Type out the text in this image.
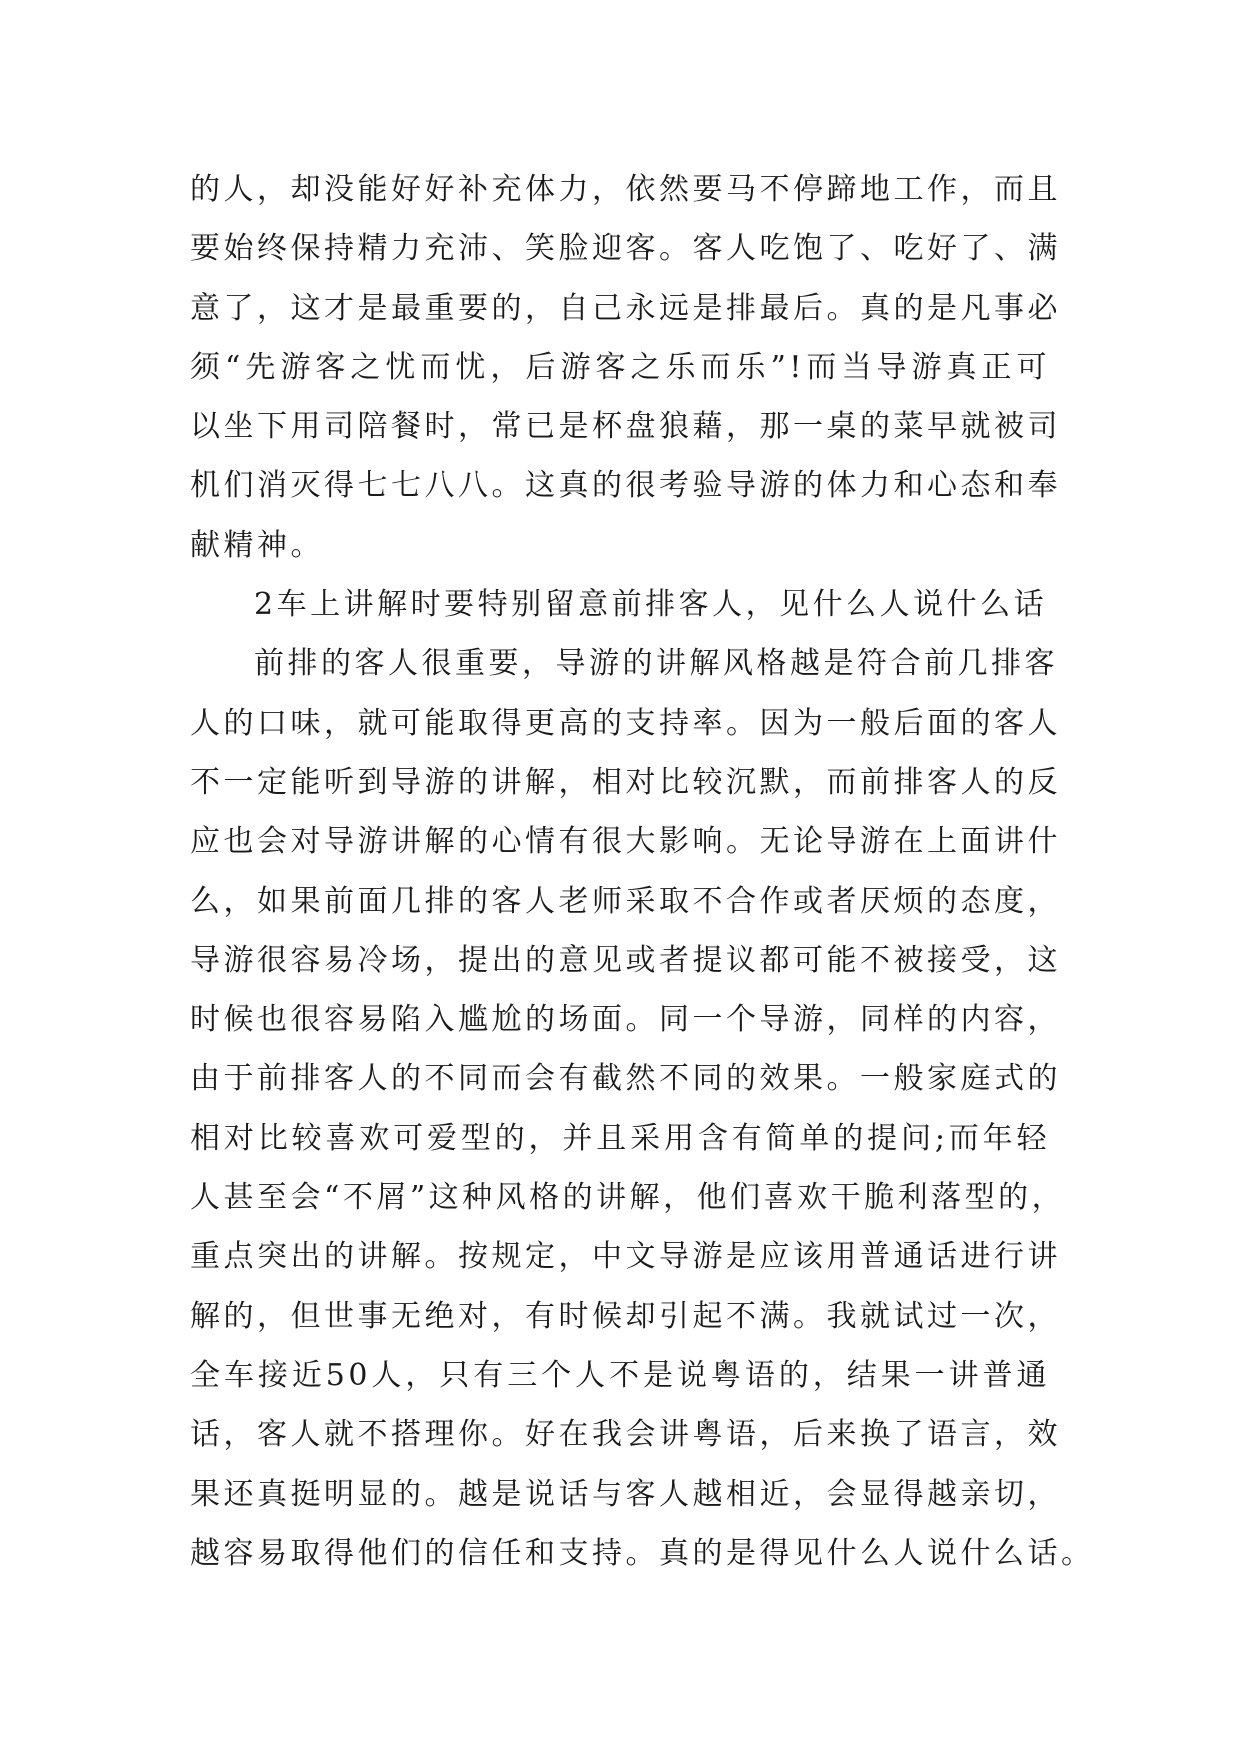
的人，却没能好好补充体力，依然要马不停蹄地工作，而且
要始终保持精力充沛、笑脸迎客。客人吃饱了、吃好了、满
意了，这才是最重要的，自己永远是排最后。真的是凡事必
须“先游客之忧而忧，后游客之乐而乐”!而当导游真正可
以坐下用司陪餐时，常已是杯盘狼藉，那一桌的菜早就被司
机们消灭得七七八八。这真的很考验导游的体力和心态和奉
献精神。
2车上讲解时要特别留意前排客人，见什么人说什么话
前排的客人很重要，导游的讲解风格越是符合前几排客
人的口味，就可能取得更高的支持率。因为一般后面的客人
不一定能听到导游的讲解，相对比较沉默，而前排客人的反
应也会对导游讲解的心情有很大影响。无论导游在上面讲什
么，如果前面几排的客人老师采取不合作或者厌烦的态度，
导游很容易冷场，提出的意见或者提议都可能不被接受，这
时候也很容易陷入尴尬的场面。同一个导游，同样的内容，
由于前排客人的不同而会有截然不同的效果。一般家庭式的
相对比较喜欢可爱型的，并且采用含有简单的提问;而年轻
人甚至会“不屑”这种风格的讲解，他们喜欢干脆利落型的，
重点突出的讲解。按规定，中文导游是应该用普通话进行讲
解的，但世事无绝对，有时候却引起不满。我就试过一次，
全车接近50人，只有三个人不是说粤语的，结果一讲普通
话，客人就不搭理你。好在我会讲粤语，后来换了语言，效
果还真挺明显的。越是说话与客人越相近，会显得越亲切，
越容易取得他们的信任和支持。真的是得见什么人说什么话。
